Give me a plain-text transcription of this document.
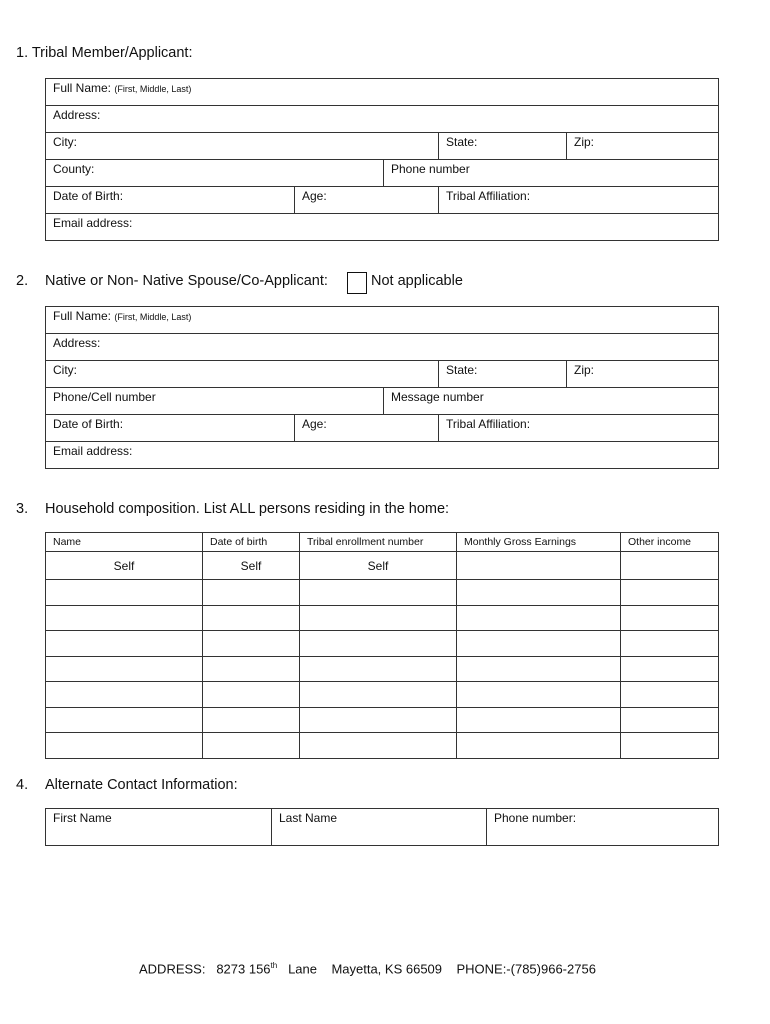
1. Tribal Member/Applicant:
Full Name: (First, Middle, Last)				
Address:				
City:			State:	Zip:
County:		Phone number		
Date of Birth:	Age:		Tribal Affiliation:	
Email address:				
2. Native or Non- Native Spouse/Co-Applicant:	Not applicable
Full Name: (First, Middle, Last)				
Address:				
City:			State:	Zip:
Phone/Cell number		Message number		
Date of Birth:	Age:		Tribal Affiliation:	
Email address:				
3. Household composition. List ALL persons residing in the home:
Name	Date of birth	Tribal enrollment number	Monthly Gross Earnings	Other income
Self	Self	Self		

4. Alternate Contact Information:
First Name	Last Name	Phone number:
ADDRESS: 8273 156th Lane Mayetta, KS 66509 PHONE:-(785)966-2756
